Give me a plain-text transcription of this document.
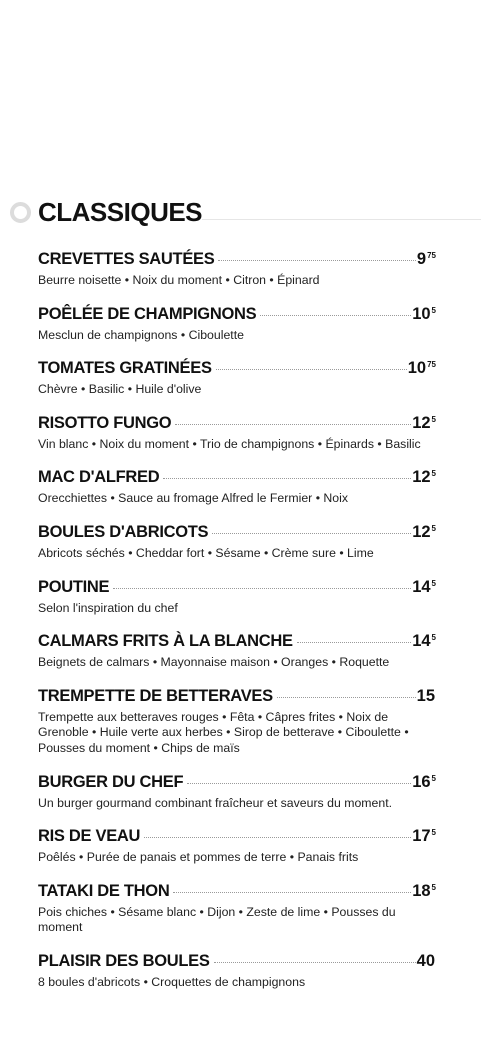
CLASSIQUES
CREVETTES SAUTÉES	$9^{75}$
Beurre noisette • Noix du moment • Citron • Épinard
POÊLÉE DE CHAMPIGNONS	$10^5$
Mesclun de champignons • Ciboulette
TOMATES GRATINÉES	$10^{75}$
Chèvre • Basilic • Huile d'olive
RISOTTO FUNGO	$12^5$
Vin blanc • Noix du moment • Trio de champignons • Épinards • Basilic
MAC D'ALFRED	$12^5$
Orecchiettes • Sauce au fromage Alfred le Fermier • Noix
BOULES D'ABRICOTS	$12^5$
Abricots séchés • Cheddar fort • Sésame • Crème sure • Lime
POUTINE	$14^5$
Selon l'inspiration du chef
CALMARS FRITS À LA BLANCHE	$14^5$
Beignets de calmars • Mayonnaise maison • Oranges • Roquette
TREMPETTE DE BETTERAVES	15
Trempette aux betteraves rouges • Fêta • Câpres frites • Noix de Grenoble • Huile verte aux herbes • Sirop de betterave • Ciboulette • Pousses du moment • Chips de maïs
BURGER DU CHEF	$16^5$
Un burger gourmand combinant fraîcheur et saveurs du moment.
RIS DE VEAU	$17^5$
Poêlés • Purée de panais et pommes de terre • Panais frits
TATAKI DE THON	$18^5$
Pois chiches • Sésame blanc • Dijon • Zeste de lime • Pousses du moment
PLAISIR DES BOULES	40
8 boules d'abricots • Croquettes de champignons
